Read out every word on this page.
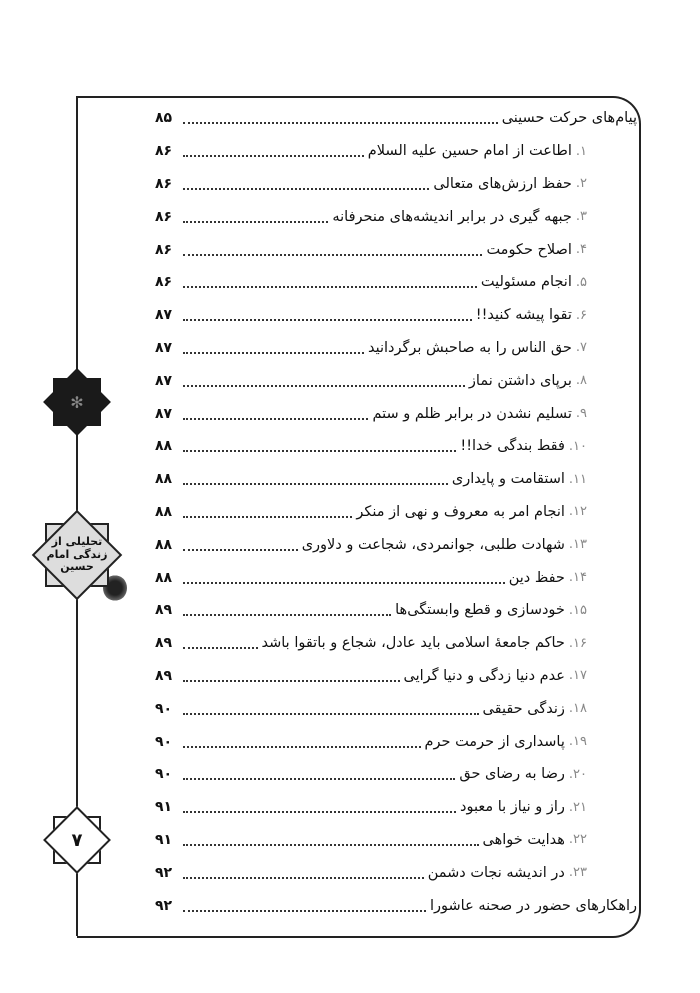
✻
تحلیلی از زندگی امام حسین
۷
پیام‌های حرکت حسینی
۸۵
۱.
اطاعت از امام حسین علیه السلام
۸۶
۲.
حفظ ارزش‌های متعالی
۸۶
۳.
جبهه گیری در برابر اندیشه‌های منحرفانه
۸۶
۴.
اصلاح حکومت
۸۶
۵.
انجام مسئولیت
۸۶
۶.
تقوا پیشه کنید!!
۸۷
۷.
حق الناس را به صاحبش برگردانید
۸۷
۸.
برپای داشتن نماز
۸۷
۹.
تسلیم نشدن در برابر ظلم و ستم
۸۷
۱۰.
فقط بندگی خدا!!
۸۸
۱۱.
استقامت و پایداری
۸۸
۱۲.
انجام امر به معروف و نهی از منکر
۸۸
۱۳.
شهادت طلبی، جوانمردی، شجاعت و دلاوری
۸۸
۱۴.
حفظ دین
۸۸
۱۵.
خودسازی و قطع وابستگی‌ها
۸۹
۱۶.
حاکم جامعهٔ اسلامی باید عادل، شجاع و باتقوا باشد
۸۹
۱۷.
عدم دنیا زدگی و دنیا گرایی
۸۹
۱۸.
زندگی حقیقی
۹۰
۱۹.
پاسداری از حرمت حرم
۹۰
۲۰.
رضا به رضای حق
۹۰
۲۱.
راز و نیاز با معبود
۹۱
۲۲.
هدایت خواهی
۹۱
۲۳.
در اندیشه نجات دشمن
۹۲
راهکارهای حضور در صحنه عاشورا
۹۲
